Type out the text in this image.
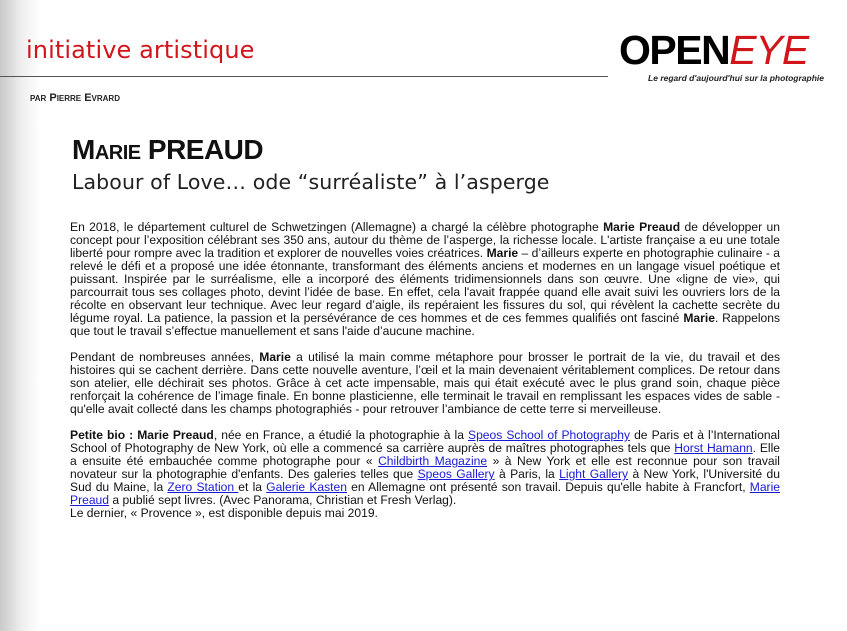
initiative artistique
par Pierre Evrard
OPENEYE
Le regard d'aujourd'hui sur la photographie
Marie PREAUD
Labour of Love… ode “surréaliste” à l’asperge

En 2018, le département culturel de Schwetzingen (Allemagne) a chargé la célèbre photographe Marie Preaud de développer un concept pour l’exposition célébrant ses 350 ans, autour du thème de l’asperge, la richesse locale. L'artiste française a eu une totale liberté pour rompre avec la tradition et explorer de nouvelles voies créatrices. Marie – d’ailleurs experte en photographie culinaire - a relevé le défi et a proposé une idée étonnante, transformant des éléments anciens et modernes en un langage visuel poétique et puissant. Inspirée par le surréalisme, elle a incorporé des éléments tridimensionnels dans son œuvre. Une «ligne de vie», qui parcourrait tous ses collages photo, devint l’idée de base. En effet, cela l'avait frappée quand elle avait suivi les ouvriers lors de la récolte en observant leur technique. Avec leur regard d’aigle, ils repéraient les fissures du sol, qui révèlent la cachette secrète du légume royal. La patience, la passion et la persévérance de ces hommes et de ces femmes qualifiés ont fasciné Marie. Rappelons que tout le travail s’effectue manuellement et sans l'aide d’aucune machine.

Pendant de nombreuses années, Marie a utilisé la main comme métaphore pour brosser le portrait de la vie, du travail et des histoires qui se cachent derrière. Dans cette nouvelle aventure, l’œil et la main devenaient véritablement complices. De retour dans son atelier, elle déchirait ses photos. Grâce à cet acte impensable, mais qui était exécuté avec le plus grand soin, chaque pièce renforçait la cohérence de l’image finale. En bonne plasticienne, elle terminait le travail en remplissant les espaces vides de sable - qu'elle avait collecté dans les champs photographiés - pour retrouver l’ambiance de cette terre si merveilleuse.

Petite bio : Marie Preaud, née en France, a étudié la photographie à la Speos School of Photography de Paris et à l’International School of Photography de New York, où elle a commencé sa carrière auprès de maîtres photographes tels que Horst Hamann. Elle a ensuite été embauchée comme photographe pour « Childbirth Magazine » à New York et elle est reconnue pour son travail novateur sur la photographie d'enfants. Des galeries telles que Speos Gallery à Paris, la Light Gallery à New York, l'Université du Sud du Maine, la Zero Station et la Galerie Kasten en Allemagne ont présenté son travail. Depuis qu'elle habite à Francfort, Marie Preaud a publié sept livres. (Avec Panorama, Christian et Fresh Verlag).
Le dernier, « Provence », est disponible depuis mai 2019.
